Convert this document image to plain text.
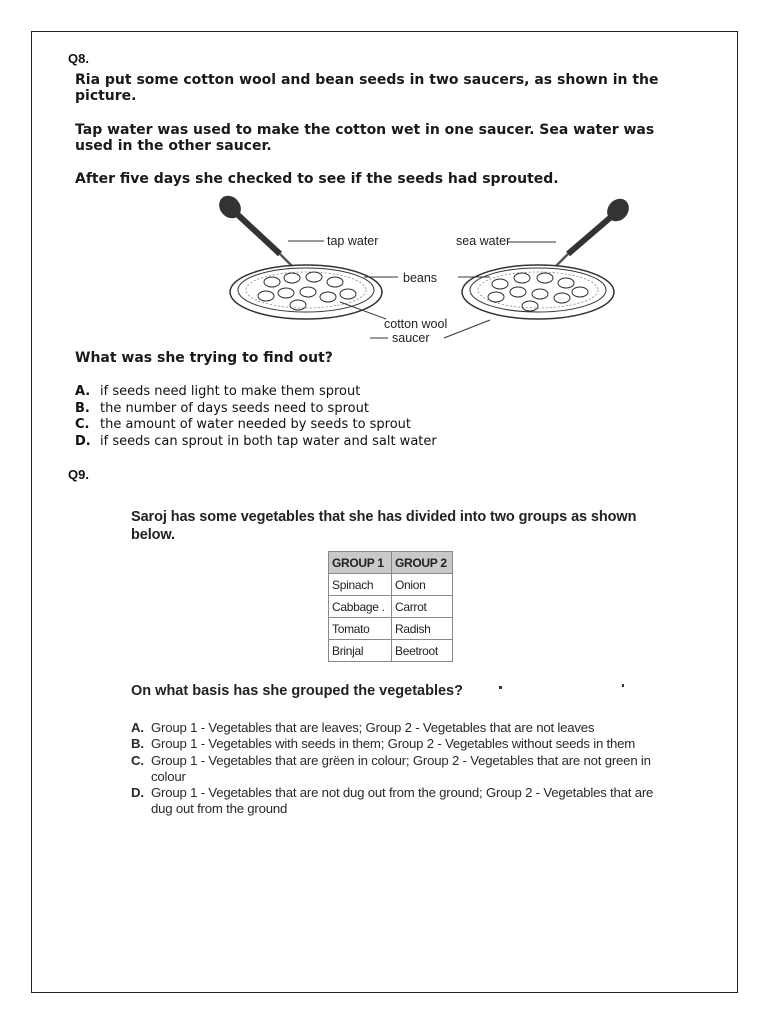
Q8.

Ria put some cotton wool and bean seeds in two saucers, as shown in the picture.

Tap water was used to make the cotton wet in one saucer. Sea water was used in the other saucer.

After five days she checked to see if the seeds had sprouted.

tap water	sea water
beans
cotton wool
saucer
What was she trying to find out?
A. if seeds need light to make them sprout
B. the number of days seeds need to sprout
C. the amount of water needed by seeds to sprout
D. if seeds can sprout in both tap water and salt water
Q9.
Saroj has some vegetables that she has divided into two groups as shown below.
GROUP 1	GROUP 2
Spinach	Onion
Cabbage .	Carrot
Tomato	Radish
Brinjal	Beetroot
On what basis has she grouped the vegetables?
A. Group 1 - Vegetables that are leaves; Group 2 - Vegetables that are not leaves
B. Group 1 - Vegetables with seeds in them; Group 2 - Vegetables without seeds in them
C. Group 1 - Vegetables that are grëen in colour; Group 2 - Vegetables that are not green in colour
D. Group 1 - Vegetables that are not dug out from the ground; Group 2 - Vegetables that are dug out from the ground
